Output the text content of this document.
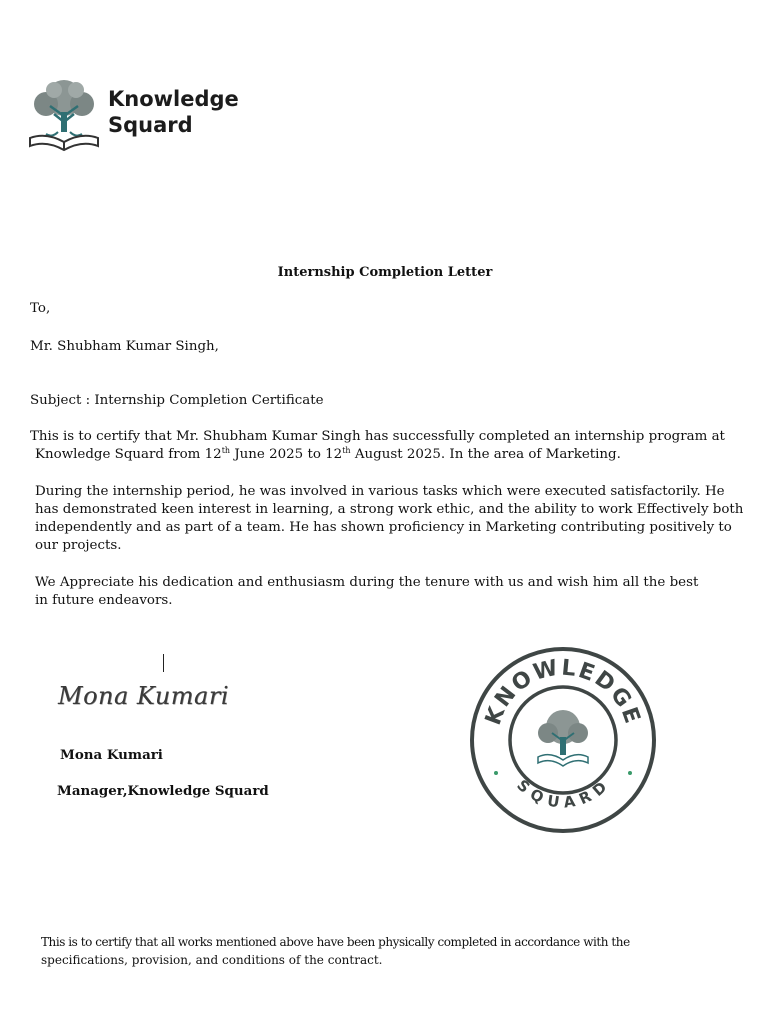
Knowledge
Squard
Internship Completion Letter
To,
Mr. Shubham Kumar Singh,
Subject : Internship Completion Certificate
This is to certify that Mr. Shubham Kumar Singh has successfully completed an internship program at
Knowledge Squard from 12th June 2025 to 12th August 2025. In the area of Marketing.
During the internship period, he was involved in various tasks which were executed satisfactorily. He
has demonstrated keen interest in learning, a strong work ethic, and the ability to work Effectively both
independently and as part of a team. He has shown proficiency in Marketing contributing positively to
our projects.
We Appreciate his dedication and enthusiasm during the tenure with us and wish him all the best
in future endeavors.
Mona Kumari
Mona Kumari
Manager,Knowledge Squard
KNOWLEDGE
SQUARD
This is to certify that all works mentioned above have been physically completed in accordance with the
specifications, provision, and conditions of the contract.
